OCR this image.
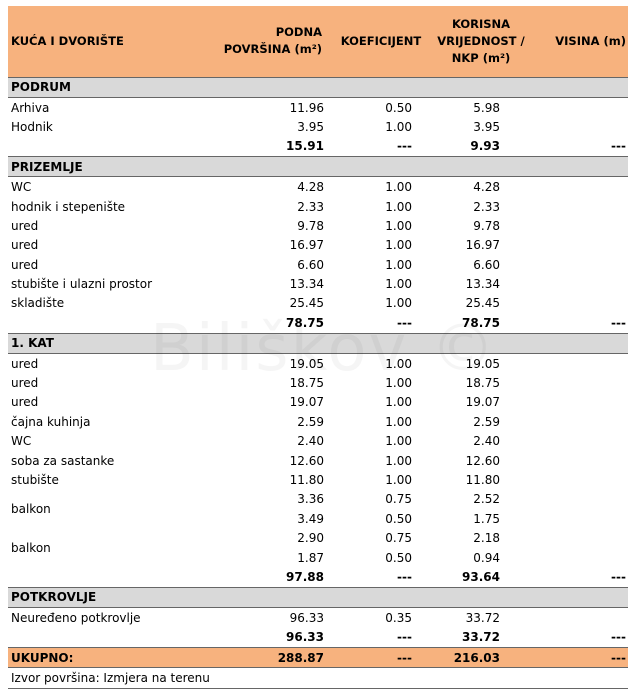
KUĆA I DVORIŠTE	PODNA
POVRŠINA (m²)	KOEFICIJENT	KORISNA
VRIJEDNOST /
NKP (m²)	VISINA (m)
PODRUM				
Arhiva	11.96	0.50	5.98	
Hodnik	3.95	1.00	3.95	
	15.91	---	9.93	---
PRIZEMLJE				
WC	4.28	1.00	4.28	
hodnik i stepenište	2.33	1.00	2.33	
ured	9.78	1.00	9.78	
ured	16.97	1.00	16.97	
ured	6.60	1.00	6.60	
stubište i ulazni prostor	13.34	1.00	13.34	
skladište	25.45	1.00	25.45	
	78.75	---	78.75	---
1. KAT				
ured	19.05	1.00	19.05	
ured	18.75	1.00	18.75	
ured	19.07	1.00	19.07	
čajna kuhinja	2.59	1.00	2.59	
WC	2.40	1.00	2.40	
soba za sastanke	12.60	1.00	12.60	
stubište	11.80	1.00	11.80	
balkon	3.36	0.75	2.52	
	3.49	0.50	1.75	
balkon	2.90	0.75	2.18	
	1.87	0.50	0.94	
	97.88	---	93.64	---
POTKROVLJE				
Neuređeno potkrovlje	96.33	0.35	33.72	
	96.33	---	33.72	---
UKUPNO:	288.87	---	216.03	---
Izvor površina: Izmjera na terenu				
